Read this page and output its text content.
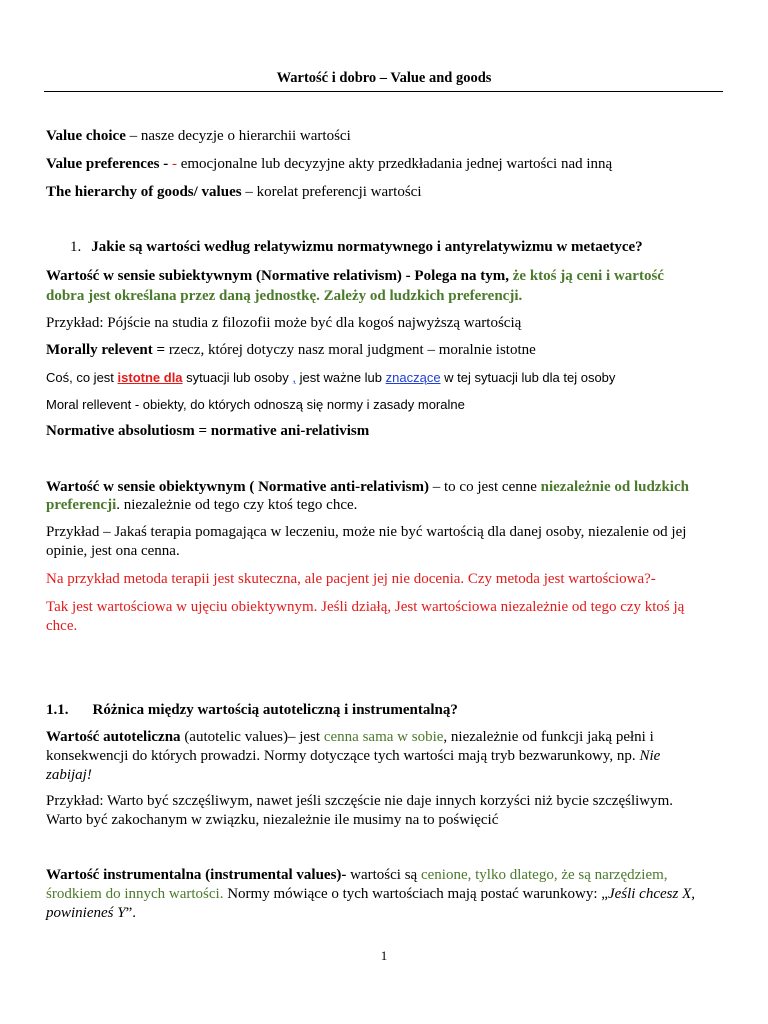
Wartość i dobro – Value and goods
Value choice – nasze decyzje o hierarchii wartości
Value preferences - - emocjonalne lub decyzyjne akty przedkładania jednej wartości nad inną
The hierarchy of goods/ values – korelat preferencji wartości
1. Jakie są wartości według relatywizmu normatywnego i antyrelatywizmu w metaetyce?
Wartość w sensie subiektywnym (Normative relativism) - Polega na tym, że ktoś ją ceni i wartość
dobra jest określana przez daną jednostkę. Zależy od ludzkich preferencji.
Przykład: Pójście na studia z filozofii może być dla kogoś najwyższą wartością
Morally relevent = rzecz, której dotyczy nasz moral judgment – moralnie istotne
Coś, co jest istotne dla sytuacji lub osoby , jest ważne lub znaczące w tej sytuacji lub dla tej osoby
Moral rellevent - obiekty, do których odnoszą się normy i zasady moralne
Normative absolutiosm = normative ani-relativism
Wartość w sensie obiektywnym ( Normative anti-relativism) – to co jest cenne niezależnie od ludzkich
preferencji. niezależnie od tego czy ktoś tego chce.
Przykład – Jakaś terapia pomagająca w leczeniu, może nie być wartością dla danej osoby, niezalenie od jej
opinie, jest ona cenna.
Na przykład metoda terapii jest skuteczna, ale pacjent jej nie docenia. Czy metoda jest wartościowa?-
Tak jest wartościowa w ujęciu obiektywnym. Jeśli działą, Jest wartościowa niezależnie od tego czy ktoś ją
chce.
1.1. Różnica między wartością autoteliczną i instrumentalną?
Wartość autoteliczna (autotelic values)– jest cenna sama w sobie, niezależnie od funkcji jaką pełni i
konsekwencji do których prowadzi. Normy dotyczące tych wartości mają tryb bezwarunkowy, np. Nie
zabijaj!
Przykład: Warto być szczęśliwym, nawet jeśli szczęście nie daje innych korzyści niż bycie szczęśliwym.
Warto być zakochanym w związku, niezależnie ile musimy na to poświęcić
Wartość instrumentalna (instrumental values)- wartości są cenione, tylko dlatego, że są narzędziem,
środkiem do innych wartości. Normy mówiące o tych wartościach mają postać warunkowy: „Jeśli chcesz X,
powinieneś Y”.
1
